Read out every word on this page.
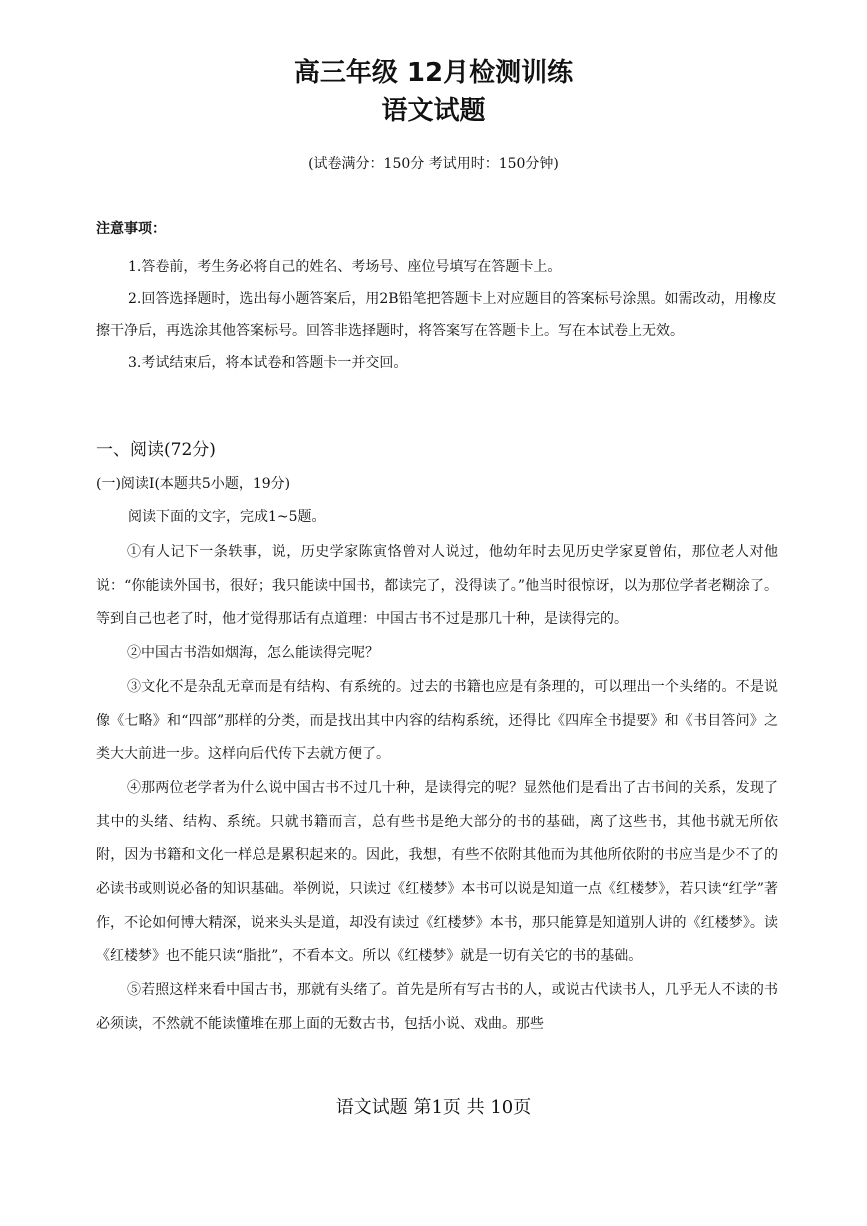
高三年级 12月检测训练
语文试题
(试卷满分：150分 考试用时：150分钟)
注意事项：

1.答卷前，考生务必将自己的姓名、考场号、座位号填写在答题卡上。

2.回答选择题时，选出每小题答案后，用2B铅笔把答题卡上对应题目的答案标号涂黑。如需改动，用橡皮擦干净后，再选涂其他答案标号。回答非选择题时，将答案写在答题卡上。写在本试卷上无效。

3.考试结束后，将本试卷和答题卡一并交回。

一、阅读(72分)
(一)阅读Ⅰ(本题共5小题，19分)
阅读下面的文字，完成1~5题。

①有人记下一条轶事，说，历史学家陈寅恪曾对人说过，他幼年时去见历史学家夏曾佑，那位老人对他说：“你能读外国书，很好；我只能读中国书，都读完了，没得读了。”他当时很惊讶，以为那位学者老糊涂了。等到自己也老了时，他才觉得那话有点道理：中国古书不过是那几十种，是读得完的。

②中国古书浩如烟海，怎么能读得完呢？

③文化不是杂乱无章而是有结构、有系统的。过去的书籍也应是有条理的，可以理出一个头绪的。不是说像《七略》和“四部”那样的分类，而是找出其中内容的结构系统，还得比《四库全书提要》和《书目答问》之类大大前进一步。这样向后代传下去就方便了。

④那两位老学者为什么说中国古书不过几十种，是读得完的呢？显然他们是看出了古书间的关系，发现了其中的头绪、结构、系统。只就书籍而言，总有些书是绝大部分的书的基础，离了这些书，其他书就无所依附，因为书籍和文化一样总是累积起来的。因此，我想，有些不依附其他而为其他所依附的书应当是少不了的必读书或则说必备的知识基础。举例说，只读过《红楼梦》本书可以说是知道一点《红楼梦》，若只读“红学”著作，不论如何博大精深，说来头头是道，却没有读过《红楼梦》本书，那只能算是知道别人讲的《红楼梦》。读《红楼梦》也不能只读“脂批”，不看本文。所以《红楼梦》就是一切有关它的书的基础。

⑤若照这样来看中国古书，那就有头绪了。首先是所有写古书的人，或说古代读书人，几乎无人不读的书必须读，不然就不能读懂堆在那上面的无数古书，包括小说、戏曲。那些

语文试题 第1页 共 10页
